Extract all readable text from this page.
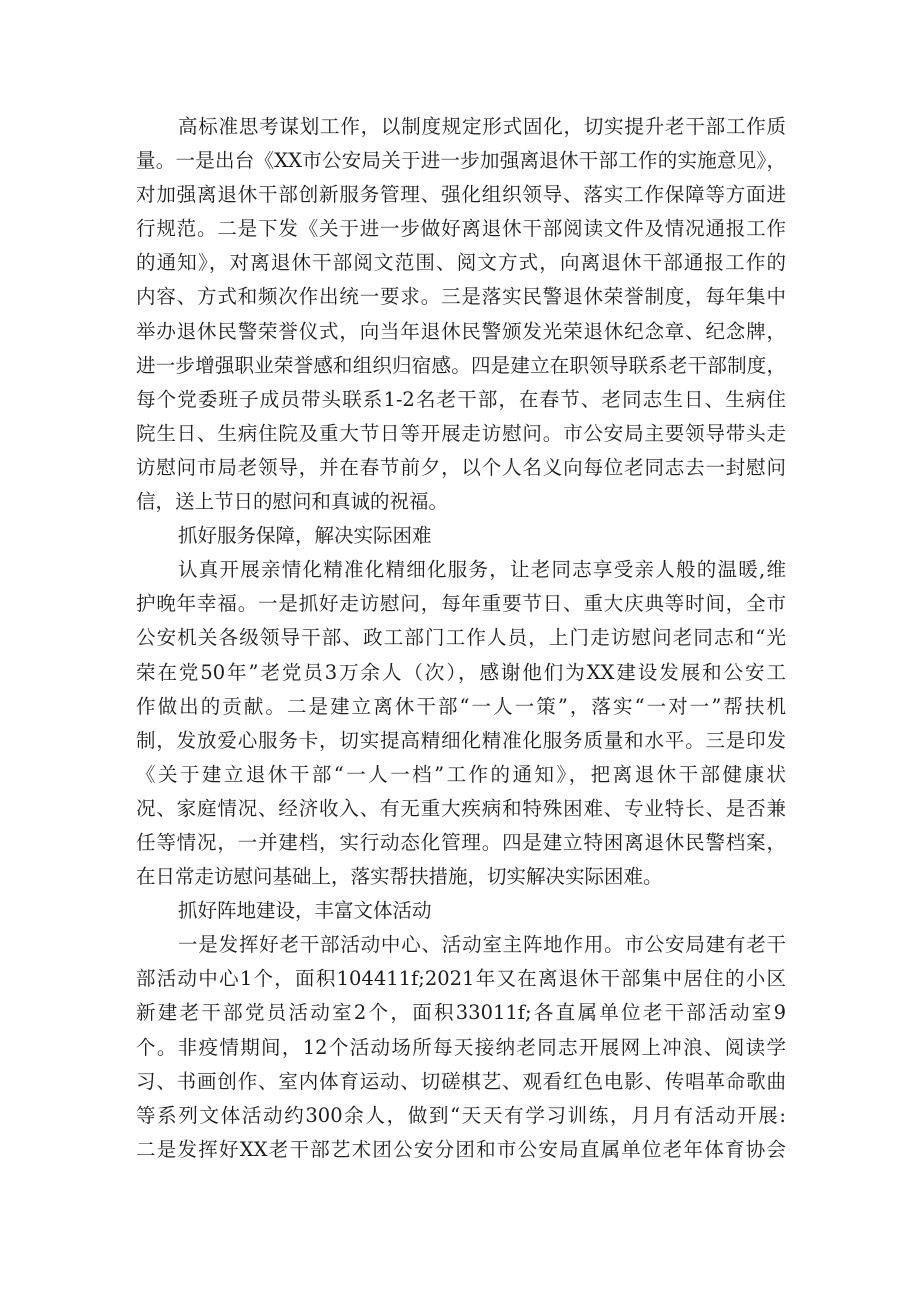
高标准思考谋划工作，以制度规定形式固化，切实提升老干部工作质
量。一是出台《XX市公安局关于进一步加强离退休干部工作的实施意见》，
对加强离退休干部创新服务管理、强化组织领导、落实工作保障等方面进
行规范。二是下发《关于进一步做好离退休干部阅读文件及情况通报工作
的通知》，对离退休干部阅文范围、阅文方式，向离退休干部通报工作的
内容、方式和频次作出统一要求。三是落实民警退休荣誉制度，每年集中
举办退休民警荣誉仪式，向当年退休民警颁发光荣退休纪念章、纪念牌，
进一步增强职业荣誉感和组织归宿感。四是建立在职领导联系老干部制度，
每个党委班子成员带头联系1-2名老干部，在春节、老同志生日、生病住
院生日、生病住院及重大节日等开展走访慰问。市公安局主要领导带头走
访慰问市局老领导，并在春节前夕，以个人名义向每位老同志去一封慰问
信，送上节日的慰问和真诚的祝福。
抓好服务保障，解决实际困难
认真开展亲情化精准化精细化服务，让老同志享受亲人般的温暖,维
护晚年幸福。一是抓好走访慰问，每年重要节日、重大庆典等时间，全市
公安机关各级领导干部、政工部门工作人员，上门走访慰问老同志和“光
荣在党50年”老党员3万余人（次），感谢他们为XX建设发展和公安工
作做出的贡献。二是建立离休干部“一人一策”，落实“一对一”帮扶机
制，发放爱心服务卡，切实提高精细化精准化服务质量和水平。三是印发
《关于建立退休干部“一人一档”工作的通知》，把离退休干部健康状
况、家庭情况、经济收入、有无重大疾病和特殊困难、专业特长、是否兼
任等情况，一并建档，实行动态化管理。四是建立特困离退休民警档案，
在日常走访慰问基础上，落实帮扶措施，切实解决实际困难。
抓好阵地建设，丰富文体活动
一是发挥好老干部活动中心、活动室主阵地作用。市公安局建有老干
部活动中心1个，面积104411f;2021年又在离退休干部集中居住的小区
新建老干部党员活动室2个，面积33011f;各直属单位老干部活动室9
个。非疫情期间，12个活动场所每天接纳老同志开展网上冲浪、阅读学
习、书画创作、室内体育运动、切磋棋艺、观看红色电影、传唱革命歌曲
等系列文体活动约300余人，做到“天天有学习训练，月月有活动开展:
二是发挥好XX老干部艺术团公安分团和市公安局直属单位老年体育协会
